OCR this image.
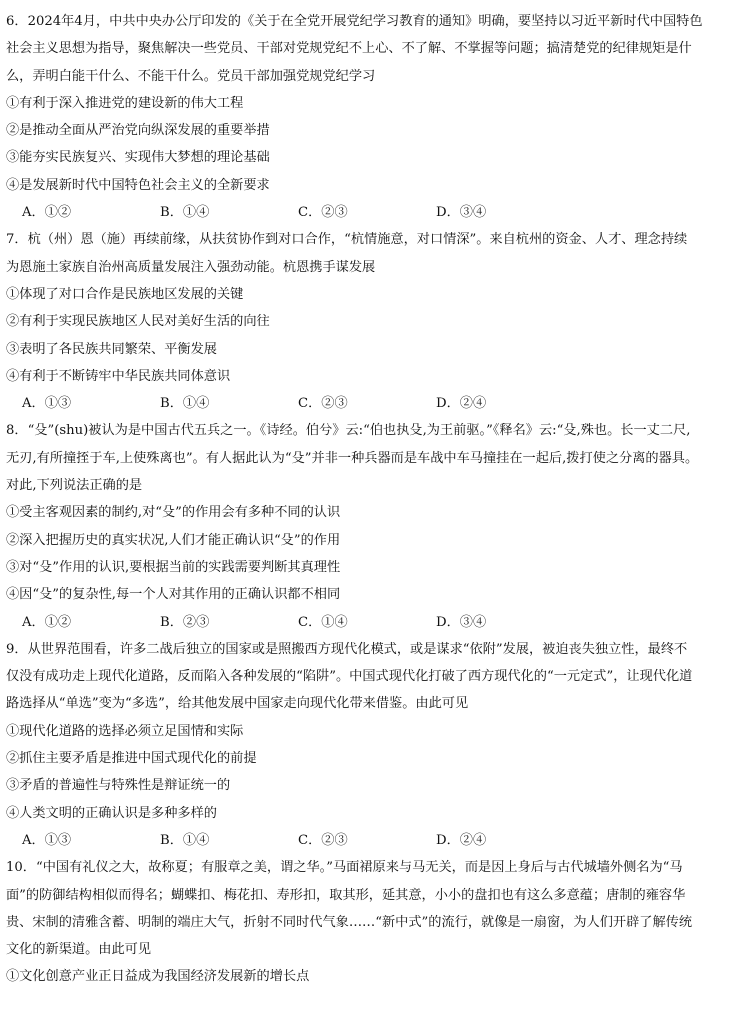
6．2024年4月，中共中央办公厅印发的《关于在全党开展党纪学习教育的通知》明确，要坚持以习近平新时代中国特色
社会主义思想为指导，聚焦解决一些党员、干部对党规党纪不上心、不了解、不掌握等问题；搞清楚党的纪律规矩是什
么，弄明白能干什么、不能干什么。党员干部加强党规党纪学习
①有利于深入推进党的建设新的伟大工程
②是推动全面从严治党向纵深发展的重要举措
③能夯实民族复兴、实现伟大梦想的理论基础
④是发展新时代中国特色社会主义的全新要求
A．①②	B．①④	C．②③	D．③④
7．杭（州）恩（施）再续前缘，从扶贫协作到对口合作，“杭情施意，对口情深”。来自杭州的资金、人才、理念持续
为恩施土家族自治州高质量发展注入强劲动能。杭恩携手谋发展
①体现了对口合作是民族地区发展的关键
②有利于实现民族地区人民对美好生活的向往
③表明了各民族共同繁荣、平衡发展
④有利于不断铸牢中华民族共同体意识
A．①③	B．①④	C．②③	D．②④
8．“殳”(shu)被认为是中国古代五兵之一。《诗经。伯兮》云:“伯也执殳,为王前驱。”《释名》云:“殳,殊也。长一丈二尺,
无刃,有所撞挃于车,上使殊离也”。有人据此认为“殳”并非一种兵器而是车战中车马撞挂在一起后,拨打使之分离的器具。
对此,下列说法正确的是
①受主客观因素的制约,对“殳”的作用会有多种不同的认识
②深入把握历史的真实状况,人们才能正确认识“殳”的作用
③对“殳”作用的认识,要根据当前的实践需要判断其真理性
④因“殳”的复杂性,每一个人对其作用的正确认识都不相同
A．①②	B．②③	C．①④	D．③④
9．从世界范围看，许多二战后独立的国家或是照搬西方现代化模式，或是谋求“依附”发展，被迫丧失独立性，最终不
仅没有成功走上现代化道路，反而陷入各种发展的“陷阱”。中国式现代化打破了西方现代化的“一元定式”，让现代化道
路选择从“单选”变为“多选”，给其他发展中国家走向现代化带来借鉴。由此可见
①现代化道路的选择必须立足国情和实际
②抓住主要矛盾是推进中国式现代化的前提
③矛盾的普遍性与特殊性是辩证统一的
④人类文明的正确认识是多种多样的
A．①③	B．①④	C．②③	D．②④
10．“中国有礼仪之大，故称夏；有服章之美，谓之华。”马面裙原来与马无关，而是因上身后与古代城墙外侧名为“马
面”的防御结构相似而得名；蝴蝶扣、梅花扣、寿形扣，取其形，延其意，小小的盘扣也有这么多意蕴；唐制的雍容华
贵、宋制的清雅含蓄、明制的端庄大气，折射不同时代气象……“新中式”的流行，就像是一扇窗，为人们开辟了解传统
文化的新渠道。由此可见
①文化创意产业正日益成为我国经济发展新的增长点
